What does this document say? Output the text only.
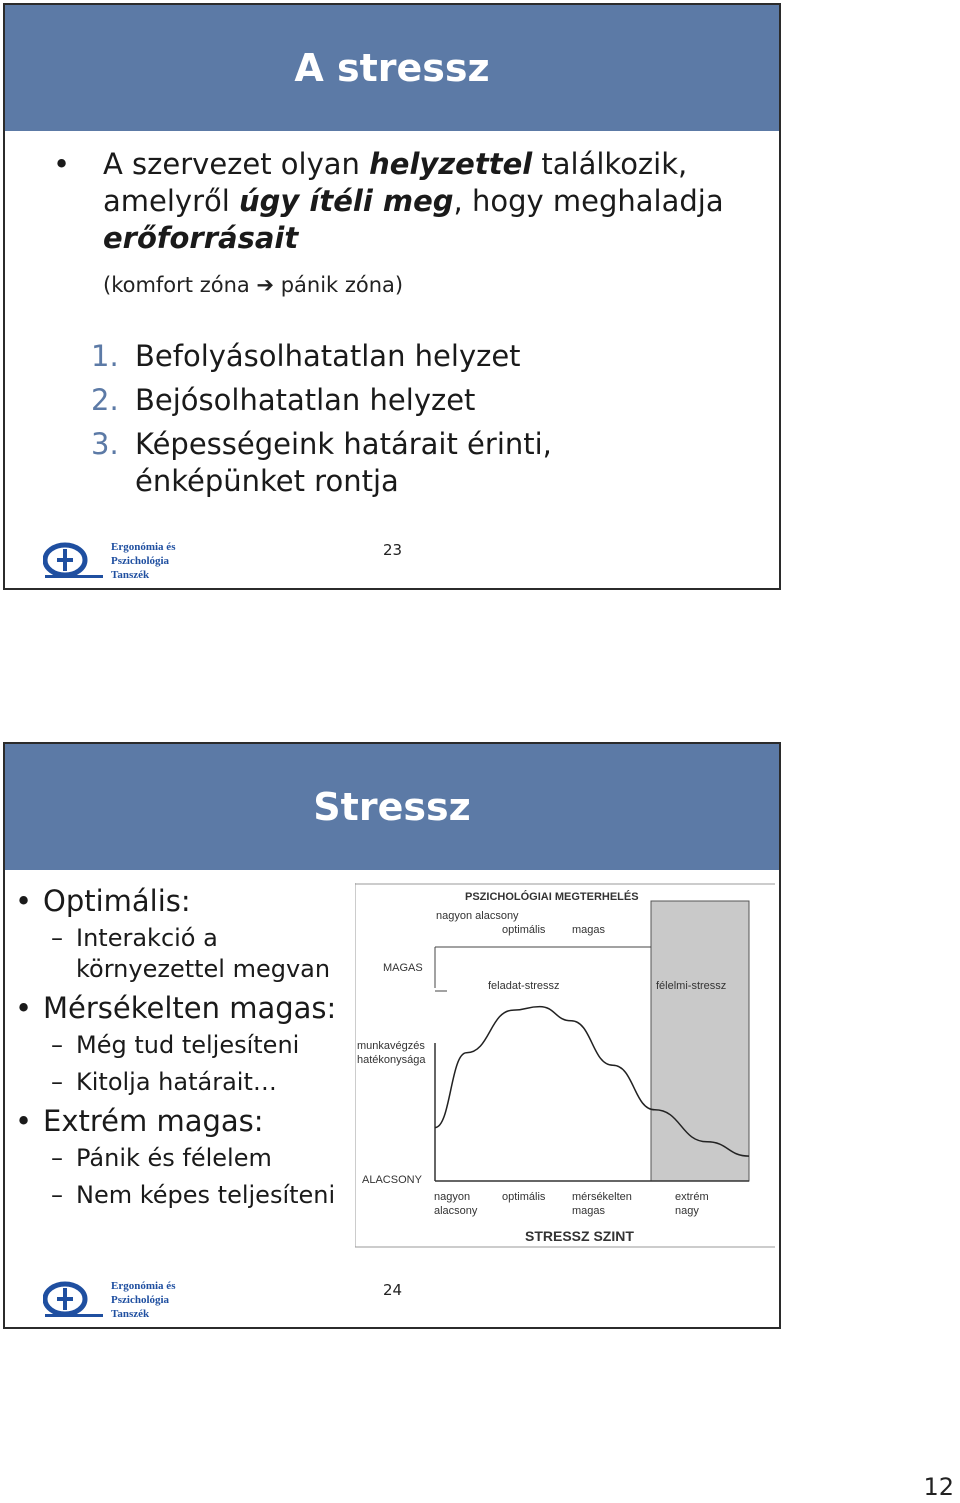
A stressz
• A szervezet olyan helyzettel találkozik, amelyről úgy ítéli meg, hogy meghaladja erőforrásait
(komfort zóna ➔ pánik zóna)
1. Befolyásolhatatlan helyzet
2. Bejósolhatatlan helyzet
3. Képességeink határait érinti, énképünket rontja
Ergonómia és
Pszichológia
Tanszék
23
Stressz
• Optimális:
– Interakció a környezettel megvan
• Mérsékelten magas:
– Még tud teljesíteni
– Kitolja határait…
• Extrém magas:
– Pánik és félelem
– Nem képes teljesíteni
PSZICHOLÓGIAI MEGTERHELÉS
nagyon alacsony
optimális magas
MAGAS
feladat-stressz	félelmi-stressz
munkavégzés
hatékonysága
ALACSONY
nagyon
alacsony
optimális mérsékelten
magas
extrém
nagy
STRESSZ SZINT
Ergonómia és
Pszichológia
Tanszék
24
12
